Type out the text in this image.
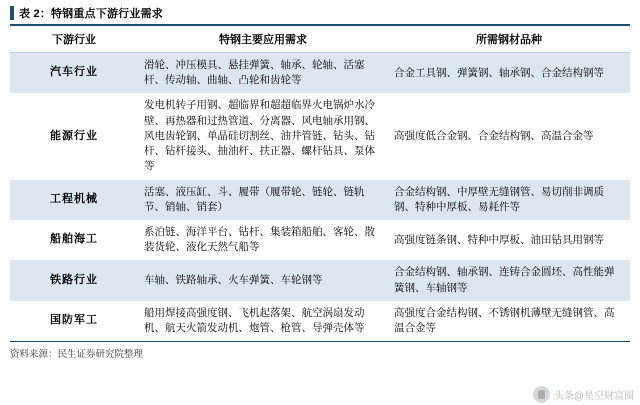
表 2：特钢重点下游行业需求
下游行业	特钢主要应用需求	所需钢材品种
汽车行业	滑轮、冲压模具、悬挂弹簧、轴承、轮轴、活塞杆、传动轴、曲轴、凸轮和齿轮等	合金工具钢、弹簧钢、轴承钢、合金结构钢等
能源行业	发电机转子用钢、超临界和超超临界火电锅炉水冷壁、再热器和过热管道、分离器、风电轴承用钢、风电齿轮钢、单晶硅切割丝、油井管链、钻头、钻杆、钻杆接头、抽油杆、扶正器、螺杆钻具、泵体等	高强度低合金钢、合金结构钢、高温合金等
工程机械	活塞、液压缸、斗、履带（履带轮、链轮、链轨节、销轴、销套）	合金结构钢、中厚壁无缝钢管、易切削非调质钢、特种中厚板、易耗件等
船舶海工	系泊链、海洋平台、钻杆、集装箱船舶、客轮、散装货轮、液化天然气船等	高强度链条钢、特种中厚板、油田钻具用钢等
铁路行业	车轴、铁路轴承、火车弹簧、车轮钢等	合金结构钢、轴承钢、连铸合金圆坯、高性能弹簧钢、车轴钢等
国防军工	船用焊接高强度钢、飞机起落架、航空涡扇发动机、航天火箭发动机、炮管、枪管、导弹壳体等	高强度合金结构钢、不锈钢机薄壁无缝钢管、高温合金等
资料来源：民生证券研究院整理
头条@星空财富圈
